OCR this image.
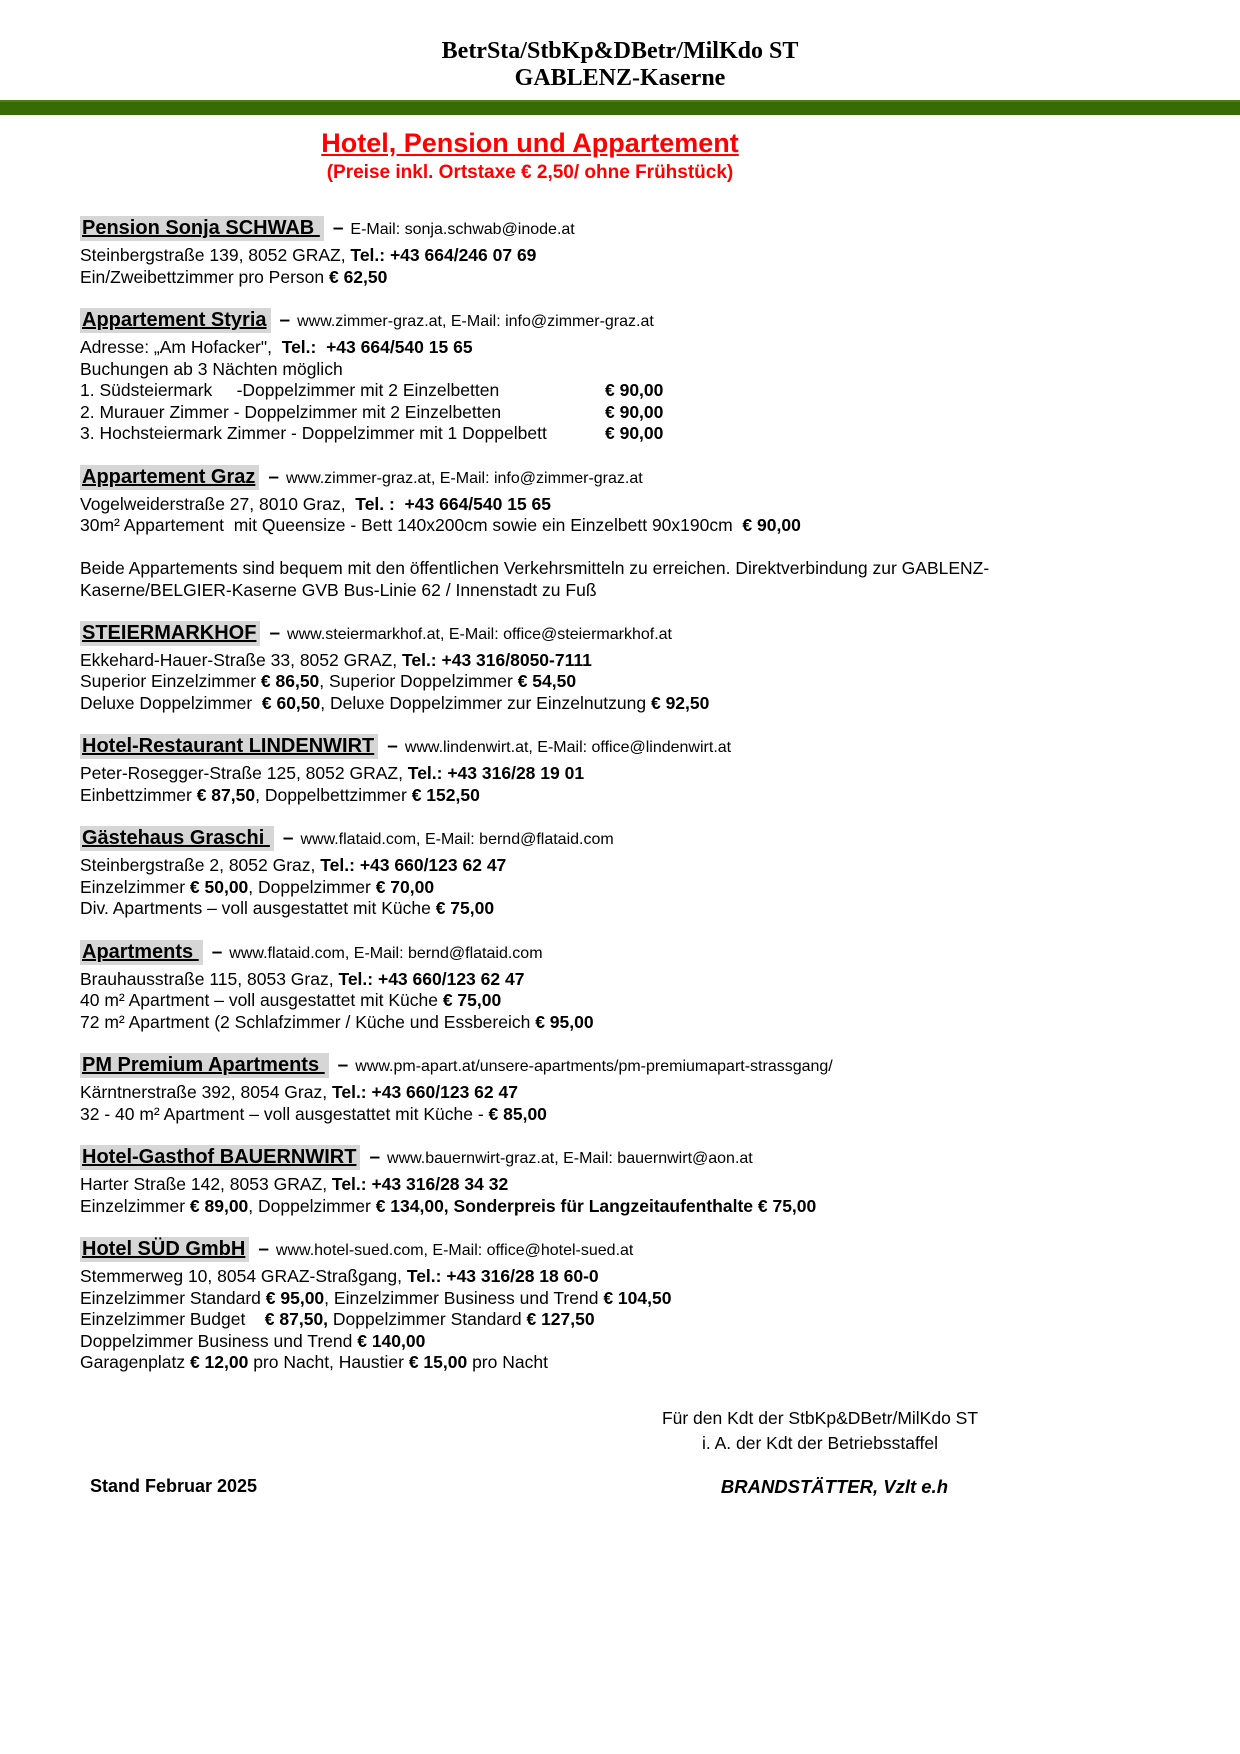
BetrSta/StbKp&DBetr/MilKdo ST
GABLENZ-Kaserne
Hotel, Pension und Appartement
(Preise inkl. Ortstaxe € 2,50/ ohne Frühstück)
Pension Sonja SCHWAB – E-Mail: sonja.schwab@inode.at
Steinbergstraße 139, 8052 GRAZ, Tel.: +43 664/246 07 69
Ein/Zweibettzimmer pro Person € 62,50
Appartement Styria – www.zimmer-graz.at, E-Mail: info@zimmer-graz.at
Adresse: „Am Hofacker",  Tel.:  +43 664/540 15 65
Buchungen ab 3 Nächten möglich
1. Südsteiermark     -Doppelzimmer mit 2 Einzelbetten	€ 90,00
2. Murauer Zimmer - Doppelzimmer mit 2 Einzelbetten	€ 90,00
3. Hochsteiermark Zimmer - Doppelzimmer mit 1 Doppelbett	€ 90,00
Appartement Graz – www.zimmer-graz.at, E-Mail: info@zimmer-graz.at
Vogelweiderstraße 27, 8010 Graz,  Tel. :  +43 664/540 15 65
30m² Appartement  mit Queensize - Bett 140x200cm sowie ein Einzelbett 90x190cm  € 90,00
Beide Appartements sind bequem mit den öffentlichen Verkehrsmitteln zu erreichen. Direktverbindung zur GABLENZ-
Kaserne/BELGIER-Kaserne GVB Bus-Linie 62 / Innenstadt zu Fuß
STEIERMARKHOF – www.steiermarkhof.at, E-Mail: office@steiermarkhof.at
Ekkehard-Hauer-Straße 33, 8052 GRAZ, Tel.: +43 316/8050-7111
Superior Einzelzimmer € 86,50, Superior Doppelzimmer € 54,50
Deluxe Doppelzimmer  € 60,50, Deluxe Doppelzimmer zur Einzelnutzung € 92,50
Hotel-Restaurant LINDENWIRT – www.lindenwirt.at, E-Mail: office@lindenwirt.at
Peter-Rosegger-Straße 125, 8052 GRAZ, Tel.: +43 316/28 19 01
Einbettzimmer € 87,50, Doppelbettzimmer € 152,50
Gästehaus Graschi – www.flataid.com, E-Mail: bernd@flataid.com
Steinbergstraße 2, 8052 Graz, Tel.: +43 660/123 62 47
Einzelzimmer € 50,00, Doppelzimmer € 70,00
Div. Apartments – voll ausgestattet mit Küche € 75,00
Apartments – www.flataid.com, E-Mail: bernd@flataid.com
Brauhausstraße 115, 8053 Graz, Tel.: +43 660/123 62 47
40 m² Apartment – voll ausgestattet mit Küche € 75,00
72 m² Apartment (2 Schlafzimmer / Küche und Essbereich € 95,00
PM Premium Apartments – www.pm-apart.at/unsere-apartments/pm-premiumapart-strassgang/
Kärntnerstraße 392, 8054 Graz, Tel.: +43 660/123 62 47
32 - 40 m² Apartment – voll ausgestattet mit Küche - € 85,00
Hotel-Gasthof BAUERNWIRT – www.bauernwirt-graz.at, E-Mail: bauernwirt@aon.at
Harter Straße 142, 8053 GRAZ, Tel.: +43 316/28 34 32
Einzelzimmer € 89,00, Doppelzimmer € 134,00, Sonderpreis für Langzeitaufenthalte € 75,00
Hotel SÜD GmbH – www.hotel-sued.com, E-Mail: office@hotel-sued.at
Stemmerweg 10, 8054 GRAZ-Straßgang, Tel.: +43 316/28 18 60-0
Einzelzimmer Standard € 95,00, Einzelzimmer Business und Trend € 104,50
Einzelzimmer Budget    € 87,50, Doppelzimmer Standard € 127,50
Doppelzimmer Business und Trend € 140,00
Garagenplatz € 12,00 pro Nacht, Haustier € 15,00 pro Nacht
Für den Kdt der StbKp&DBetr/MilKdo ST
i. A. der Kdt der Betriebsstaffel
Stand Februar 2025	BRANDSTÄTTER, Vzlt e.h
